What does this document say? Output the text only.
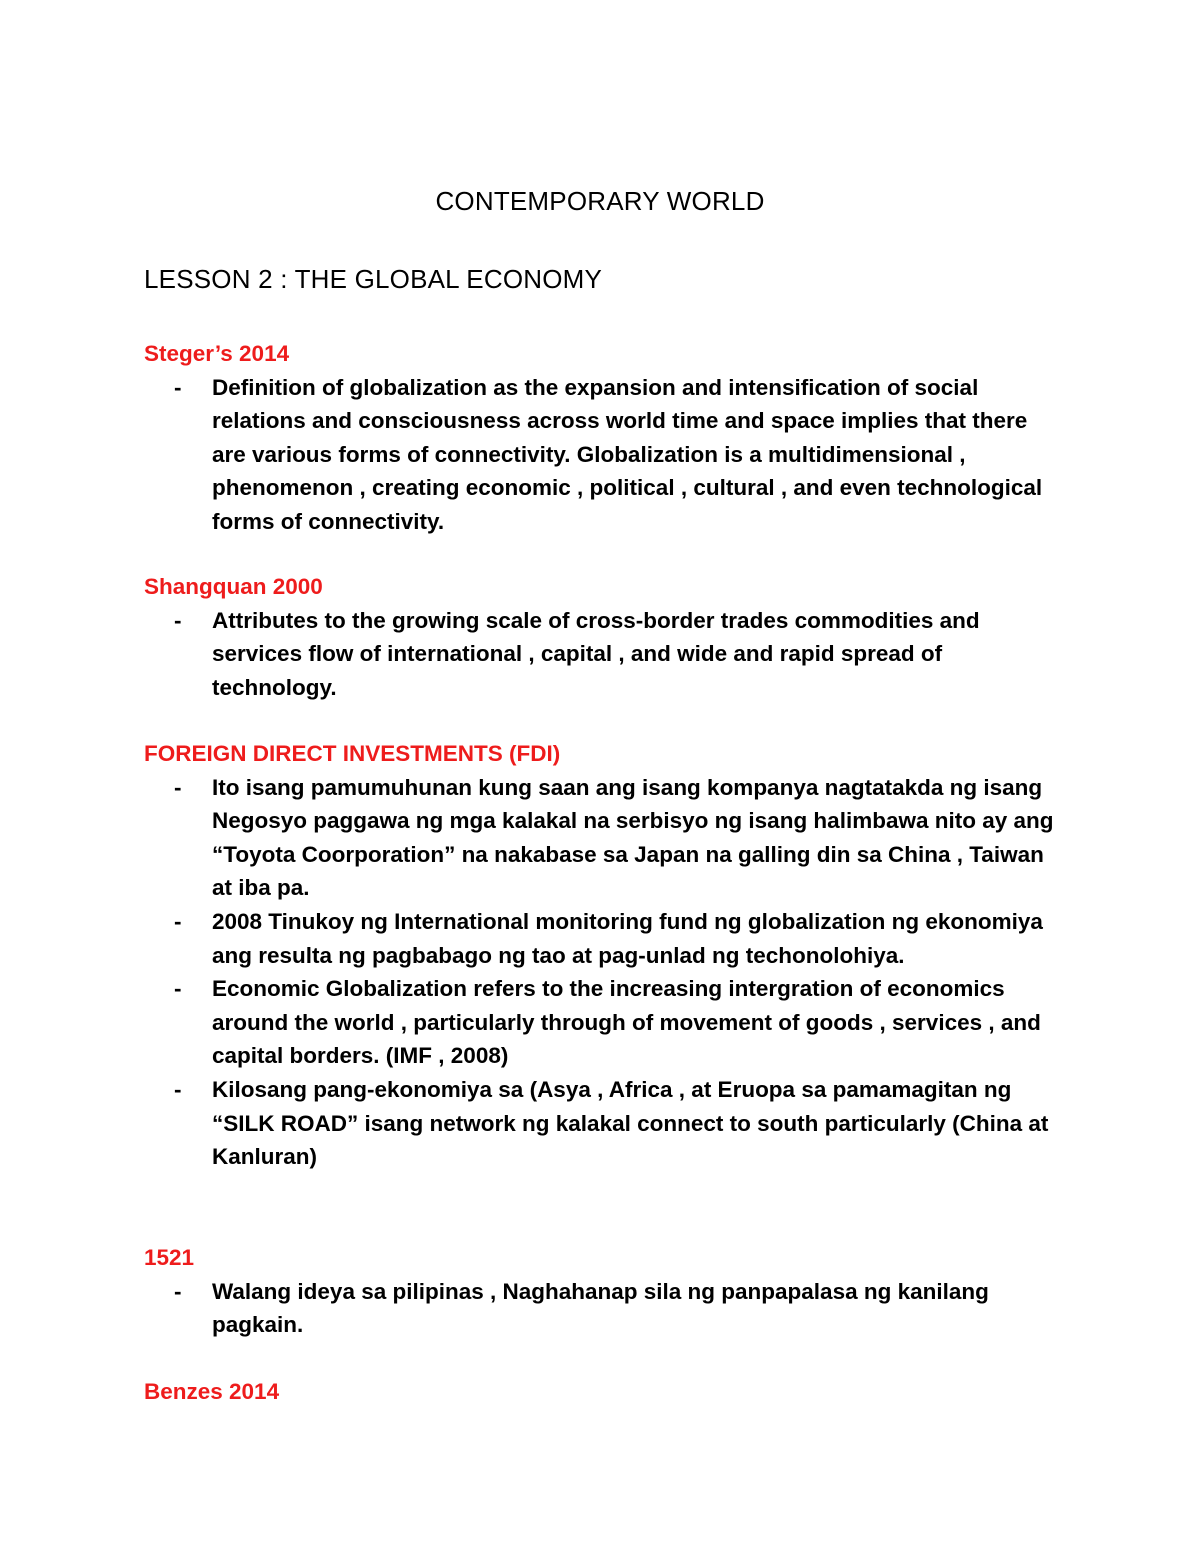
CONTEMPORARY WORLD
LESSON 2 : THE GLOBAL ECONOMY
Steger’s 2014
- Definition of globalization as the expansion and intensification of social relations and consciousness across world time and space implies that there are various forms of connectivity. Globalization is a multidimensional , phenomenon , creating economic , political , cultural , and even technological forms of connectivity.
Shangquan 2000
- Attributes to the growing scale of cross-border trades commodities and services flow of international , capital , and wide and rapid spread of technology.
FOREIGN DIRECT INVESTMENTS (FDI)
- Ito isang pamumuhunan kung saan ang isang kompanya nagtatakda ng isang Negosyo paggawa ng mga kalakal na serbisyo ng isang halimbawa nito ay ang “Toyota Coorporation” na nakabase sa Japan na galling din sa China , Taiwan at iba pa.
- 2008 Tinukoy ng International monitoring fund ng globalization ng ekonomiya ang resulta ng pagbabago ng tao at pag-unlad ng techonolohiya.
- Economic Globalization refers to the increasing intergration of economics around the world , particularly through of movement of goods , services , and capital borders. (IMF , 2008)
- Kilosang pang-ekonomiya sa (Asya , Africa , at Eruopa sa pamamagitan ng “SILK ROAD” isang network ng kalakal connect to south particularly (China at Kanluran)
1521
- Walang ideya sa pilipinas , Naghahanap sila ng panpapalasa ng kanilang pagkain.
Benzes 2014
